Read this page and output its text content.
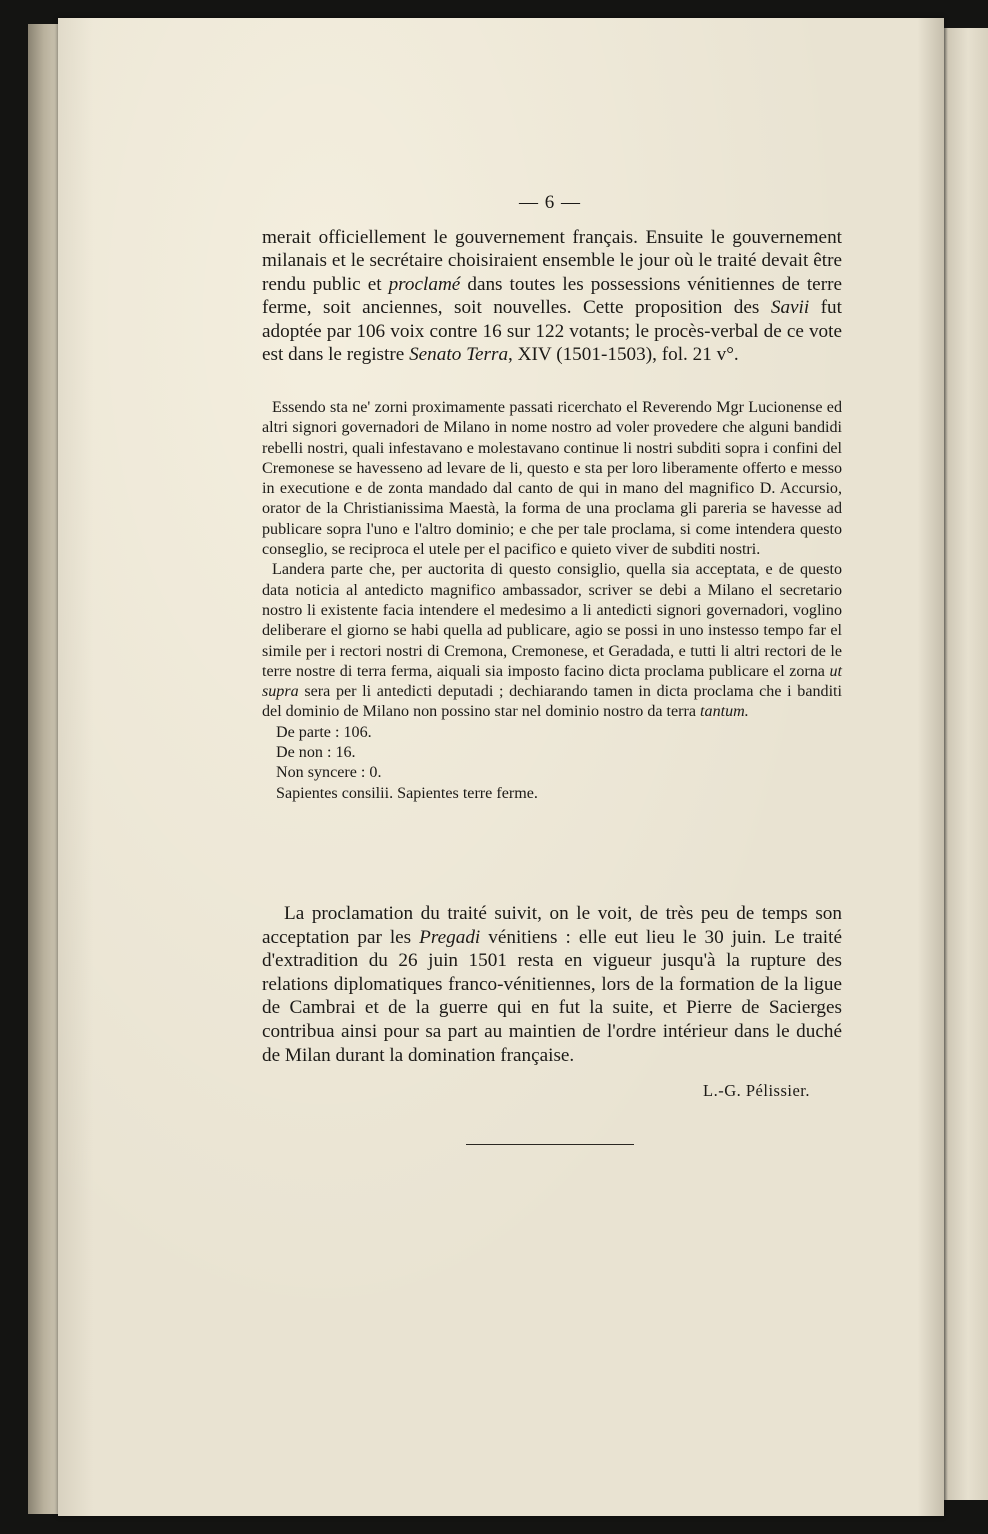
— 6 —

merait officiellement le gouvernement français. Ensuite le gouvernement milanais et le secrétaire choisiraient ensemble le jour où le traité devait être rendu public et proclamé dans toutes les possessions vénitiennes de terre ferme, soit anciennes, soit nouvelles. Cette proposition des Savii fut adoptée par 106 voix contre 16 sur 122 votants; le procès-verbal de ce vote est dans le registre Senato Terra, XIV (1501-1503), fol. 21 v°.

Essendo sta ne' zorni proximamente passati ricerchato el Reverendo Mgr Lucionense ed altri signori governadori de Milano in nome nostro ad voler provedere che alguni bandidi rebelli nostri, quali infestavano e molestavano continue li nostri subditi sopra i confini del Cremonese se havesseno ad levare de li, questo e sta per loro liberamente offerto e messo in executione e de zonta mandado dal canto de qui in mano del magnifico D. Accursio, orator de la Christianissima Maestà, la forma de una proclama gli pareria se havesse ad publicare sopra l'uno e l'altro dominio; e che per tale proclama, si come intendera questo conseglio, se reciproca el utele per el pacifico e quieto viver de subditi nostri.

Landera parte che, per auctorita di questo consiglio, quella sia acceptata, e de questo data noticia al antedicto magnifico ambassador, scriver se debi a Milano el secretario nostro li existente facia intendere el medesimo a li antedicti signori governadori, voglino deliberare el giorno se habi quella ad publicare, agio se possi in uno instesso tempo far el simile per i rectori nostri di Cremona, Cremonese, et Geradada, e tutti li altri rectori de le terre nostre di terra ferma, aiquali sia imposto facino dicta proclama publicare el zorna ut supra sera per li antedicti deputadi ; dechiarando tamen in dicta proclama che i banditi del dominio de Milano non possino star nel dominio nostro da terra tantum.

De parte : 106.

De non : 16.

Non syncere : 0.

Sapientes consilii. Sapientes terre ferme.

La proclamation du traité suivit, on le voit, de très peu de temps son acceptation par les Pregadi vénitiens : elle eut lieu le 30 juin. Le traité d'extradition du 26 juin 1501 resta en vigueur jusqu'à la rupture des relations diplomatiques franco-vénitiennes, lors de la formation de la ligue de Cambrai et de la guerre qui en fut la suite, et Pierre de Sacierges contribua ainsi pour sa part au maintien de l'ordre intérieur dans le duché de Milan durant la domination française.

L.-G. Pélissier.
